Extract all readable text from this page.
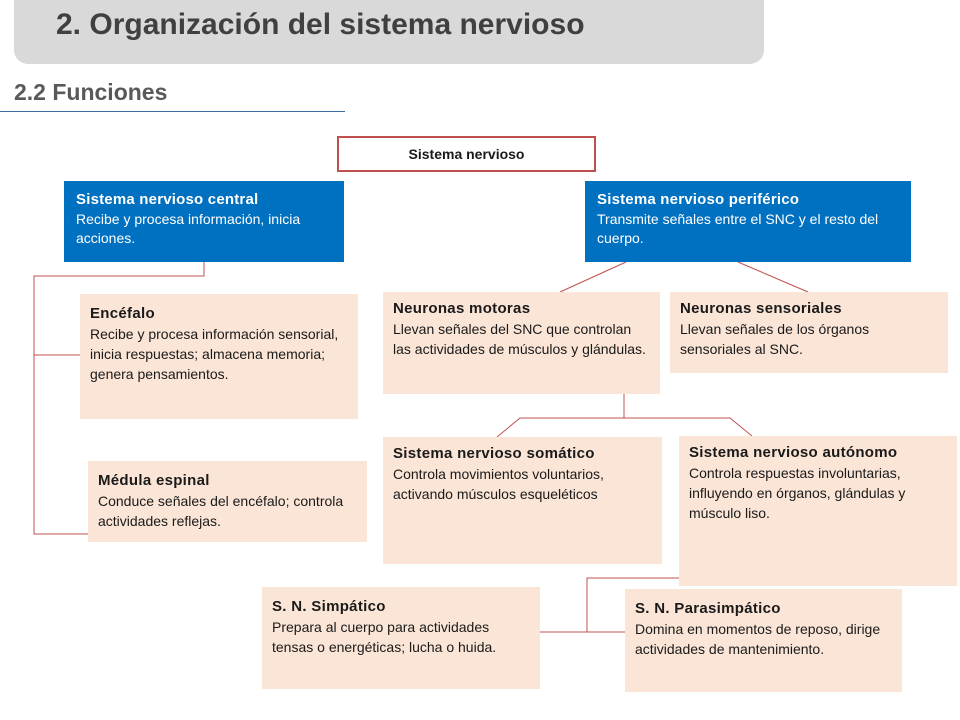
2. Organización del sistema nervioso
2.2 Funciones
Sistema nervioso
Sistema nervioso central
Recibe y procesa información, inicia acciones.
Sistema nervioso periférico
Transmite señales entre el SNC y el resto del cuerpo.
Encéfalo
Recibe y procesa información sensorial, inicia respuestas; almacena memoria; genera pensamientos.
Médula espinal
Conduce señales del encéfalo; controla actividades reflejas.
Neuronas motoras
Llevan señales del SNC que controlan las actividades de músculos y glándulas.
Neuronas sensoriales
Llevan señales de los órganos sensoriales al SNC.
Sistema nervioso somático
Controla movimientos voluntarios, activando músculos esqueléticos
Sistema nervioso autónomo
Controla respuestas involuntarias, influyendo en órganos, glándulas y músculo liso.
S. N. Simpático
Prepara al cuerpo para actividades tensas o energéticas; lucha o huida.
S. N. Parasimpático
Domina en momentos de reposo, dirige actividades de mantenimiento.
